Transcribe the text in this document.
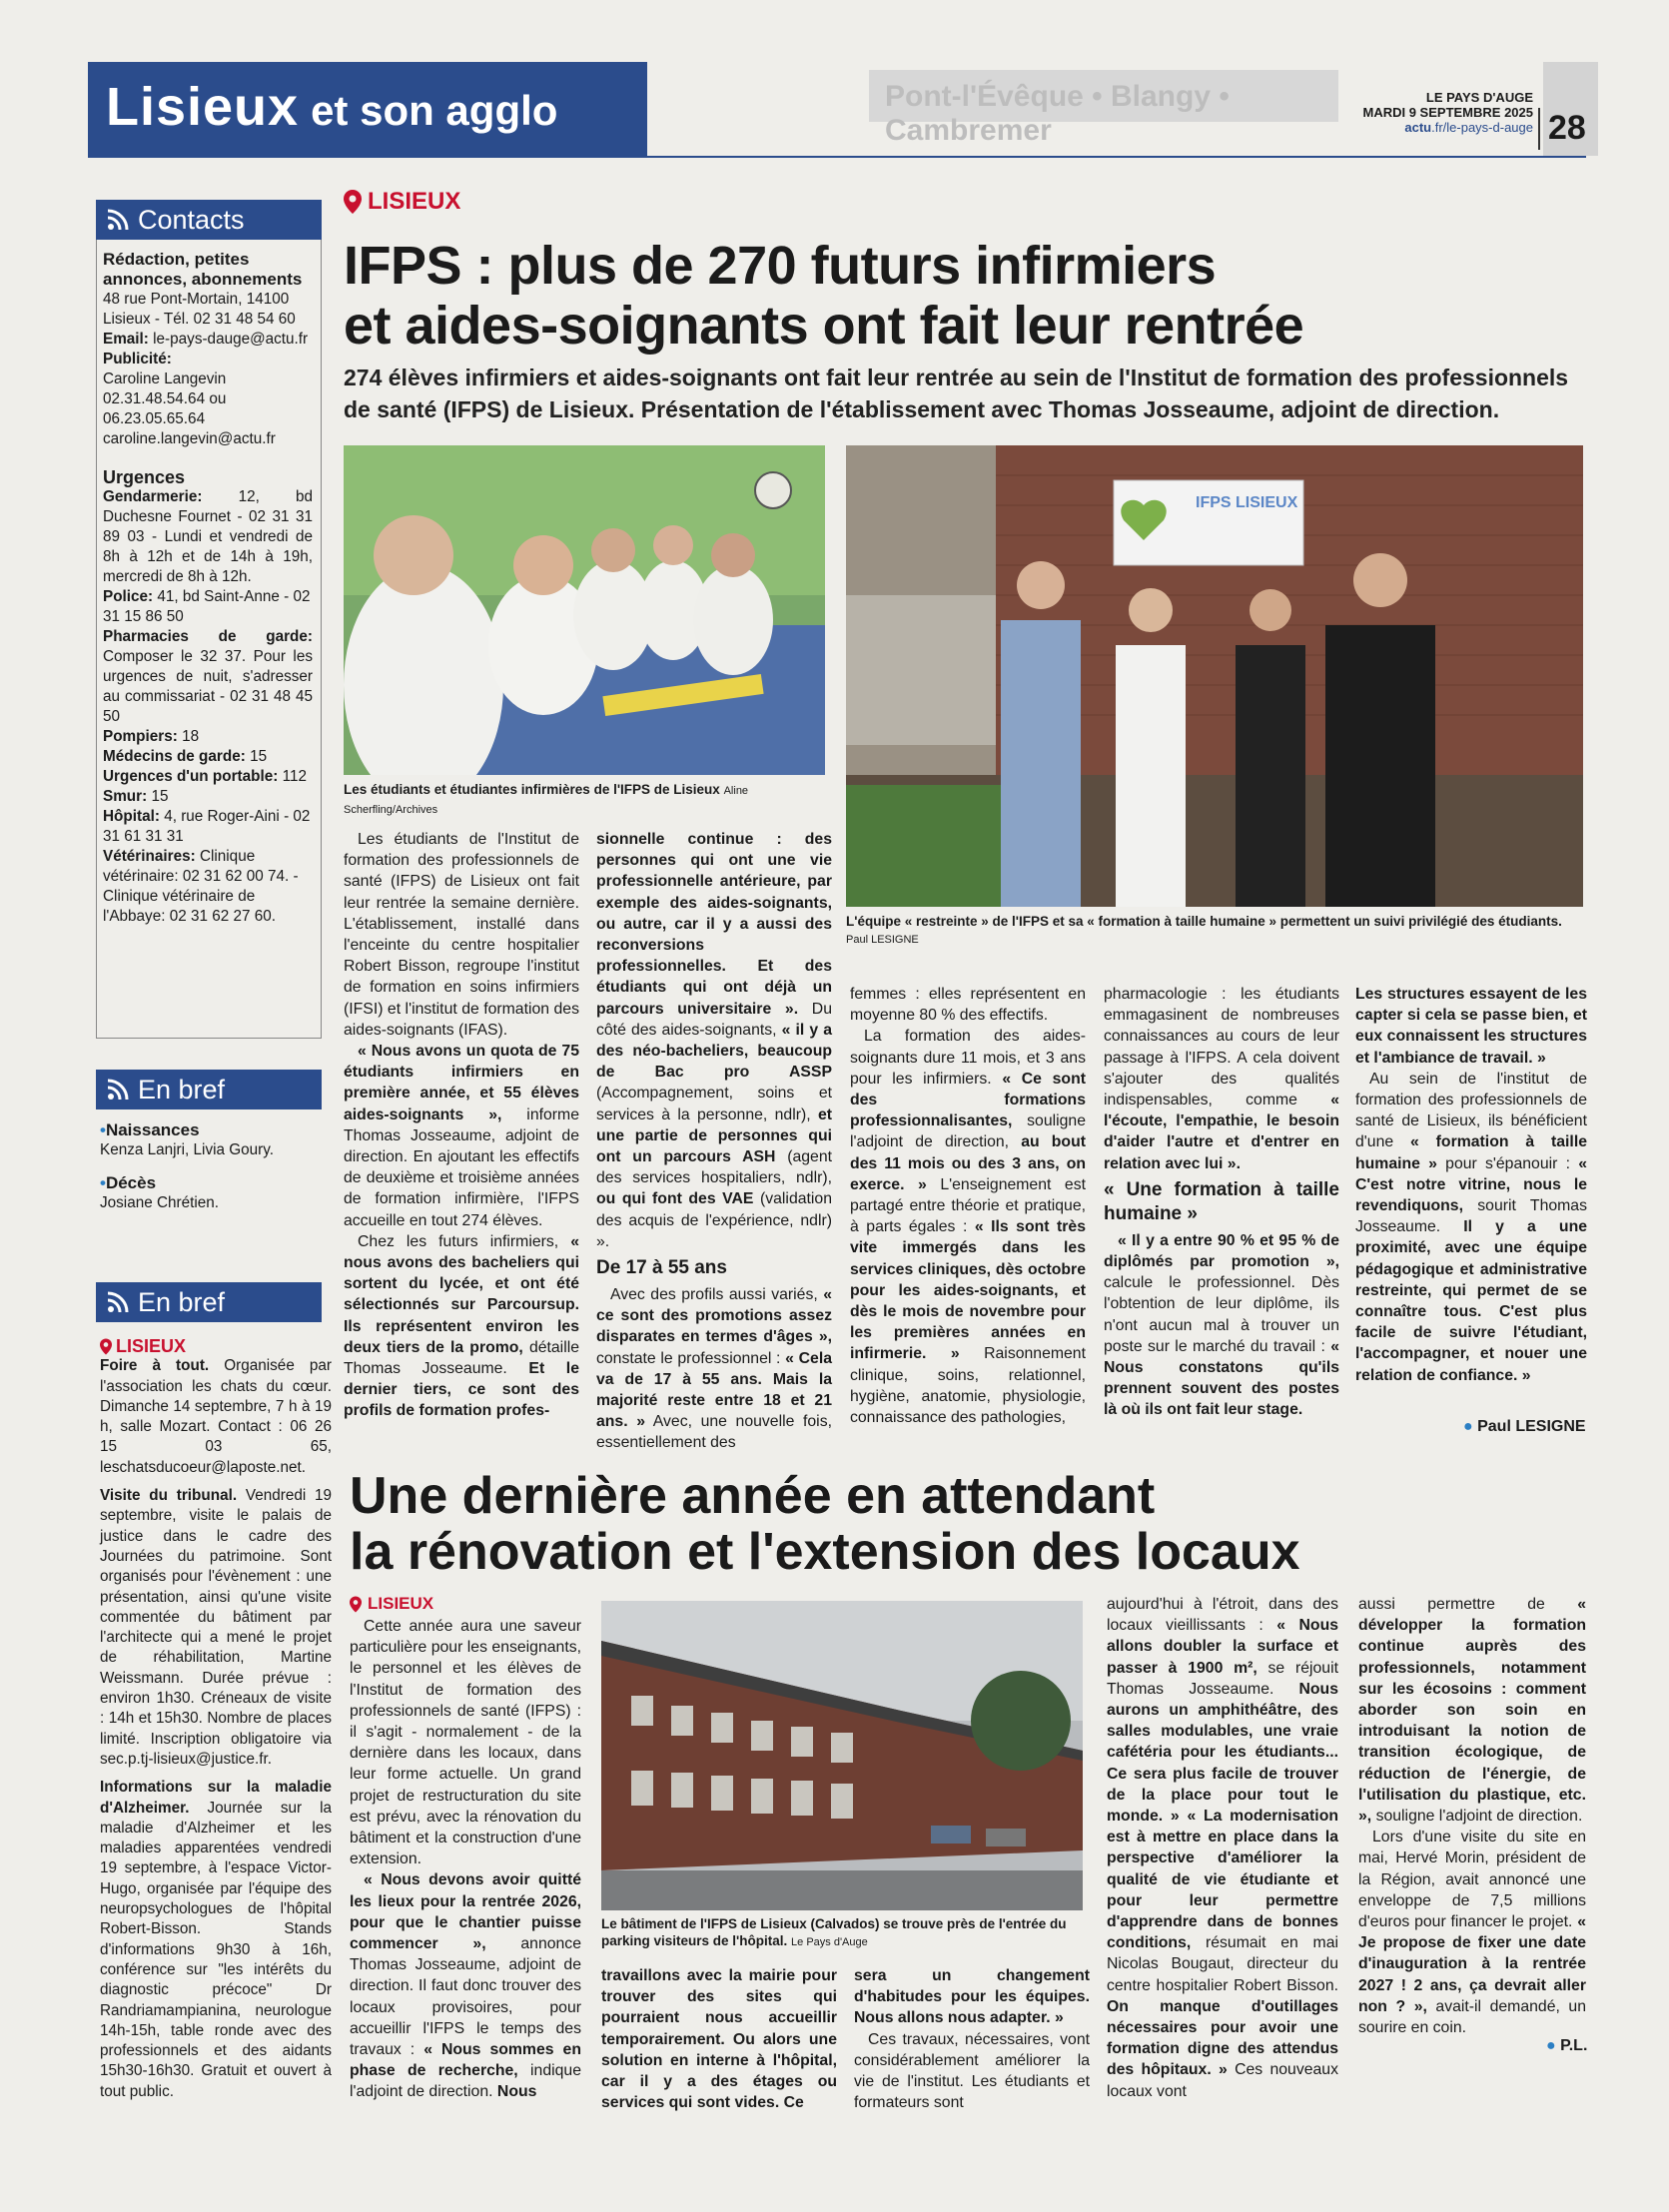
Lisieux et son aggl o	Pont-l'Évêque • Blangy • Cambremer
LE PAYS D'AUGE
MARDI 9 SEPTEMBRE 2025
actu.fr/le-pays-d-auge 28
Contacts
Rédaction, petites annonces, abonnements
48 rue Pont-Mortain, 14100 Lisieux - Tél. 02 31 48 54 60
Email: le-pays-dauge@actu.fr
Publicité:
Caroline Langevin 02.31.48.54.64 ou 06.23.05.65.64 caroline.langevin@actu.fr
Urgences
Gendarmerie: 12, bd Duchesne Fournet - 02 31 31 89 03 - Lundi et vendredi de 8h à 12h et de 14h à 19h, mercredi de 8h à 12h.
Police: 41, bd Saint-Anne - 02 31 15 86 50
Pharmacies de garde: Composer le 32 37. Pour les urgences de nuit, s'adresser au commissariat - 02 31 48 45 50
Pompiers: 18
Médecins de garde: 15
Urgences d'un portable: 112
Smur: 15
Hôpital: 4, rue Roger-Aini - 02 31 61 31 31
Vétérinaires: Clinique vétérinaire: 02 31 62 00 74. - Clinique vétérinaire de l'Abbaye: 02 31 62 27 60.
En bref
•Naissances
Kenza Lanjri, Livia Goury.
•Décès
Josiane Chrétien.
En bref
LISIEUX
Foire à tout. Organisée par l'association les chats du cœur. Dimanche 14 septembre, 7 h à 19 h, salle Mozart. Contact : 06 26 15 03 65, leschatsducoeur@laposte.net.
Visite du tribunal. Vendredi 19 septembre, visite le palais de justice dans le cadre des Journées du patrimoine. Sont organisés pour l'évènement : une présentation, ainsi qu'une visite commentée du bâtiment par l'architecte qui a mené le projet de réhabilitation, Martine Weissmann. Durée prévue : environ 1h30. Créneaux de visite : 14h et 15h30. Nombre de places limité. Inscription obligatoire via sec.p.tj-lisieux@justice.fr.
Informations sur la maladie d'Alzheimer. Journée sur la maladie d'Alzheimer et les maladies apparentées vendredi 19 septembre, à l'espace Victor-Hugo, organisée par l'équipe des neuropsychologues de l'hôpital Robert-Bisson. Stands d'informations 9h30 à 16h, conférence sur "les intérêts du diagnostic précoce" Dr Randriamampianina, neurologue 14h-15h, table ronde avec des professionnels et des aidants 15h30-16h30. Gratuit et ouvert à tout public.
LISIEUX
IFPS : plus de 270 futurs infirmiers
et aides-soignants ont fait leur rentrée
274 élèves infirmiers et aides-soignants ont fait leur rentrée au sein de l'Institut de formation des professionnels de santé (IFPS) de Lisieux. Présentation de l'établissement avec Thomas Josseaume, adjoint de direction.
Les étudiants et étudiantes infirmières de l'IFPS de Lisieux Aline Scherfling/Archives
IFPS LISIEUX
L'équipe « restreinte » de l'IFPS et sa « formation à taille humaine » permettent un suivi privilégié des étudiants. Paul LESIGNE

Les étudiants de l'Institut de formation des professionnels de santé (IFPS) de Lisieux ont fait leur rentrée la semaine dernière. L'établissement, installé dans l'enceinte du centre hospitalier Robert Bisson, regroupe l'institut de formation en soins infirmiers (IFSI) et l'institut de formation des aides-soignants (IFAS).

« Nous avons un quota de 75 étudiants infirmiers en première année, et 55 élèves aides-soignants », informe Thomas Josseaume, adjoint de direction. En ajoutant les effectifs de deuxième et troisième années de formation infirmière, l'IFPS accueille en tout 274 élèves.

Chez les futurs infirmiers, « nous avons des bacheliers qui sortent du lycée, et ont été sélectionnés sur Parcoursup. Ils représentent environ les deux tiers de la promo, détaille Thomas Josseaume. Et le dernier tiers, ce sont des profils de formation profes-

sionnelle continue : des personnes qui ont une vie professionnelle antérieure, par exemple des aides-soignants, ou autre, car il y a aussi des reconversions professionnelles. Et des étudiants qui ont déjà un parcours universitaire ». Du côté des aides-soignants, « il y a des néo-bacheliers, beaucoup de Bac pro ASSP (Accompagnement, soins et services à la personne, ndlr), et une partie de personnes qui ont un parcours ASH (agent des services hospitaliers, ndlr), ou qui font des VAE (validation des acquis de l'expérience, ndlr) ».

De 17 à 55 ans

Avec des profils aussi variés, « ce sont des promotions assez disparates en termes d'âges », constate le professionnel : « Cela va de 17 à 55 ans. Mais la majorité reste entre 18 et 21 ans. » Avec, une nouvelle fois, essentiellement des

femmes : elles représentent en moyenne 80 % des effectifs.

La formation des aides-soignants dure 11 mois, et 3 ans pour les infirmiers. « Ce sont des formations professionnalisantes, souligne l'adjoint de direction, au bout des 11 mois ou des 3 ans, on exerce. » L'enseignement est partagé entre théorie et pratique, à parts égales : « Ils sont très vite immergés dans les services cliniques, dès octobre pour les aides-soignants, et dès le mois de novembre pour les premières années en infirmerie. » Raisonnement clinique, soins, relationnel, hygiène, anatomie, physiologie, connaissance des pathologies,

pharmacologie : les étudiants emmagasinent de nombreuses connaissances au cours de leur passage à l'IFPS. A cela doivent s'ajouter des qualités indispensables, comme « l'écoute, l'empathie, le besoin d'aider l'autre et d'entrer en relation avec lui ».

« Une formation à taille humaine »

« Il y a entre 90 % et 95 % de diplômés par promotion », calcule le professionnel. Dès l'obtention de leur diplôme, ils n'ont aucun mal à trouver un poste sur le marché du travail : « Nous constatons qu'ils prennent souvent des postes là où ils ont fait leur stage.

Les structures essayent de les capter si cela se passe bien, et eux connaissent les structures et l'ambiance de travail. »

Au sein de l'institut de formation des professionnels de santé de Lisieux, ils bénéficient d'une « formation à taille humaine » pour s'épanouir : « C'est notre vitrine, nous le revendiquons, sourit Thomas Josseaume. Il y a une proximité, avec une équipe pédagogique et administrative restreinte, qui permet de se connaître tous. C'est plus facile de suivre l'étudiant, l'accompagner, et nouer une relation de confiance. »

● Paul LESIGNE
Une dernière année en attendant
la rénovation et l'extension des locaux
LISIEUX

Cette année aura une saveur particulière pour les enseignants, le personnel et les élèves de l'Institut de formation des professionnels de santé (IFPS) : il s'agit - normalement - de la dernière dans les locaux, dans leur forme actuelle. Un grand projet de restructuration du site est prévu, avec la rénovation du bâtiment et la construction d'une extension.

« Nous devons avoir quitté les lieux pour la rentrée 2026, pour que le chantier puisse commencer », annonce Thomas Josseaume, adjoint de direction. Il faut donc trouver des locaux provisoires, pour accueillir l'IFPS le temps des travaux : « Nous sommes en phase de recherche, indique l'adjoint de direction. Nous

Le bâtiment de l'IFPS de Lisieux (Calvados) se trouve près de l'entrée du parking visiteurs de l'hôpital. Le Pays d'Auge

travaillons avec la mairie pour trouver des sites qui pourraient nous accueillir temporairement. Ou alors une solution en interne à l'hôpital, car il y a des étages ou services qui sont vides. Ce

sera un changement d'habitudes pour les équipes. Nous allons nous adapter. »

Ces travaux, nécessaires, vont considérablement améliorer la vie de l'institut. Les étudiants et formateurs sont

aujourd'hui à l'étroit, dans des locaux vieillissants : « Nous allons doubler la surface et passer à 1900 m², se réjouit Thomas Josseaume. Nous aurons un amphithéâtre, des salles modulables, une vraie cafétéria pour les étudiants... Ce sera plus facile de trouver de la place pour tout le monde. » « La modernisation est à mettre en place dans la perspective d'améliorer la qualité de vie étudiante et pour leur permettre d'apprendre dans de bonnes conditions, résumait en mai Nicolas Bougaut, directeur du centre hospitalier Robert Bisson. On manque d'outillages nécessaires pour avoir une formation digne des attendus des hôpitaux. » Ces nouveaux locaux vont

aussi permettre de « développer la formation continue auprès des professionnels, notamment sur les écosoins : comment aborder son soin en introduisant la notion de transition écologique, de réduction de l'énergie, de l'utilisation du plastique, etc. », souligne l'adjoint de direction.

Lors d'une visite du site en mai, Hervé Morin, président de la Région, avait annoncé une enveloppe de 7,5 millions d'euros pour financer le projet. « Je propose de fixer une date d'inauguration à la rentrée 2027 ! 2 ans, ça devrait aller non ? », avait-il demandé, un sourire en coin.

● P.L.
